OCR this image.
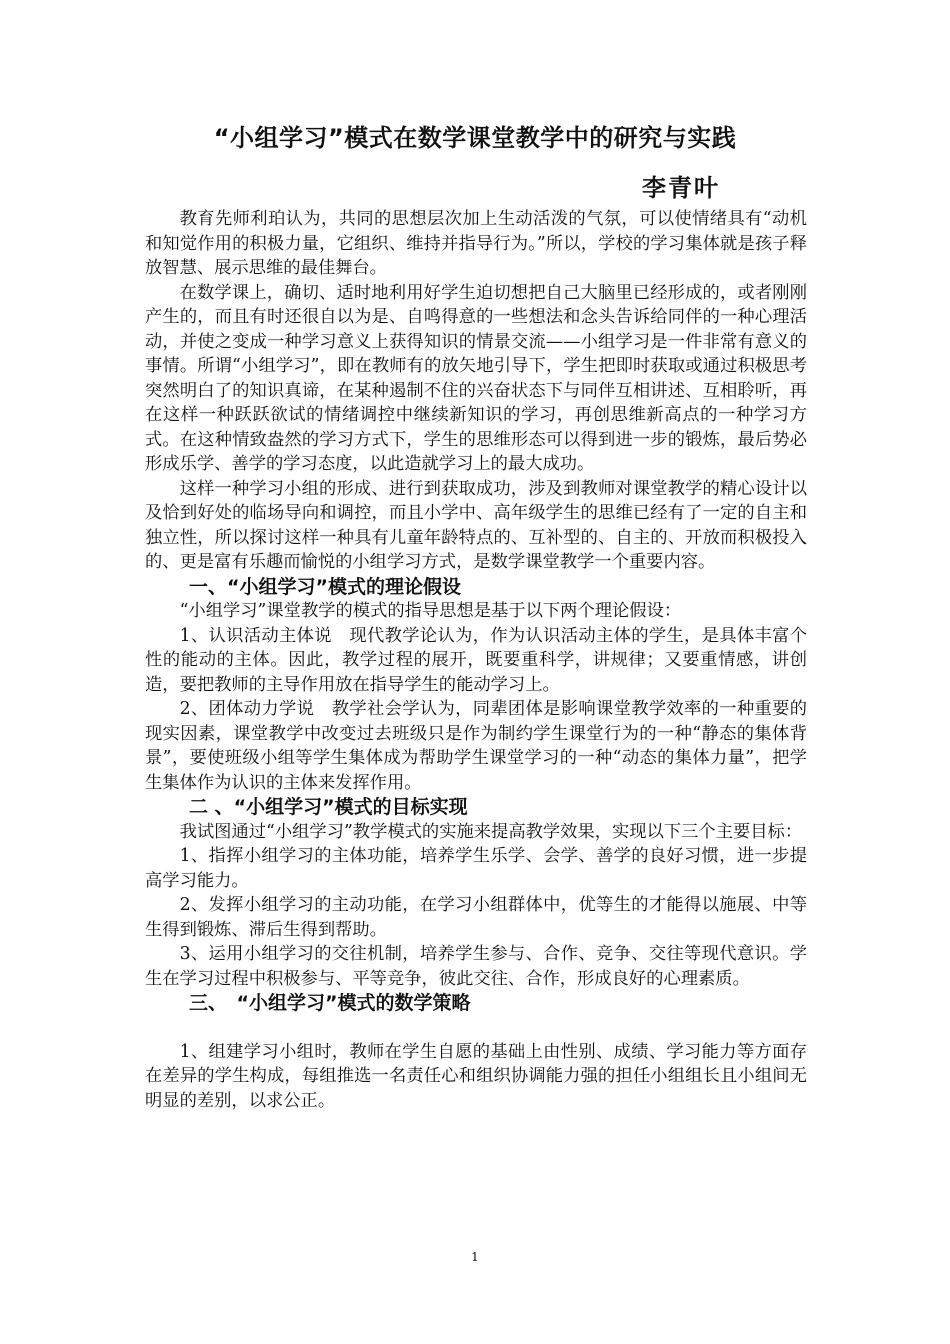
“小组学习”模式在数学课堂教学中的研究与实践
李青叶

教育先师利珀认为，共同的思想层次加上生动活泼的气氛，可以使情绪具有“动机和知觉作用的积极力量，它组织、维持并指导行为。”所以，学校的学习集体就是孩子释放智慧、展示思维的最佳舞台。

在数学课上，确切、适时地利用好学生迫切想把自己大脑里已经形成的，或者刚刚产生的，而且有时还很自以为是、自鸣得意的一些想法和念头告诉给同伴的一种心理活动，并使之变成一种学习意义上获得知识的情景交流——小组学习是一件非常有意义的事情。所谓“小组学习”，即在教师有的放矢地引导下，学生把即时获取或通过积极思考突然明白了的知识真谛，在某种遏制不住的兴奋状态下与同伴互相讲述、互相聆听，再在这样一种跃跃欲试的情绪调控中继续新知识的学习，再创思维新高点的一种学习方式。在这种情致盎然的学习方式下，学生的思维形态可以得到进一步的锻炼，最后势必形成乐学、善学的学习态度，以此造就学习上的最大成功。

这样一种学习小组的形成、进行到获取成功，涉及到教师对课堂教学的精心设计以及恰到好处的临场导向和调控，而且小学中、高年级学生的思维已经有了一定的自主和独立性，所以探讨这样一种具有儿童年龄特点的、互补型的、自主的、开放而积极投入的、更是富有乐趣而愉悦的小组学习方式，是数学课堂教学一个重要内容。

一、“小组学习”模式的理论假设

“小组学习”课堂教学的模式的指导思想是基于以下两个理论假设：

1、认识活动主体说　现代教学论认为，作为认识活动主体的学生，是具体丰富个性的能动的主体。因此，教学过程的展开，既要重科学，讲规律；又要重情感，讲创造，要把教师的主导作用放在指导学生的能动学习上。

2、团体动力学说　教学社会学认为，同辈团体是影响课堂教学效率的一种重要的现实因素，课堂教学中改变过去班级只是作为制约学生课堂行为的一种“静态的集体背景”，要使班级小组等学生集体成为帮助学生课堂学习的一种“动态的集体力量”，把学生集体作为认识的主体来发挥作用。

二 、“小组学习”模式的目标实现

我试图通过“小组学习”教学模式的实施来提高教学效果，实现以下三个主要目标：

1、指挥小组学习的主体功能，培养学生乐学、会学、善学的良好习惯，进一步提高学习能力。

2、发挥小组学习的主动功能，在学习小组群体中，优等生的才能得以施展、中等生得到锻炼、滞后生得到帮助。

3、运用小组学习的交往机制，培养学生参与、合作、竞争、交往等现代意识。学生在学习过程中积极参与、平等竞争，彼此交往、合作，形成良好的心理素质。

三、　“小组学习”模式的数学策略

1、组建学习小组时，教师在学生自愿的基础上由性别、成绩、学习能力等方面存在差异的学生构成，每组推选一名责任心和组织协调能力强的担任小组组长且小组间无明显的差别，以求公正。

1
